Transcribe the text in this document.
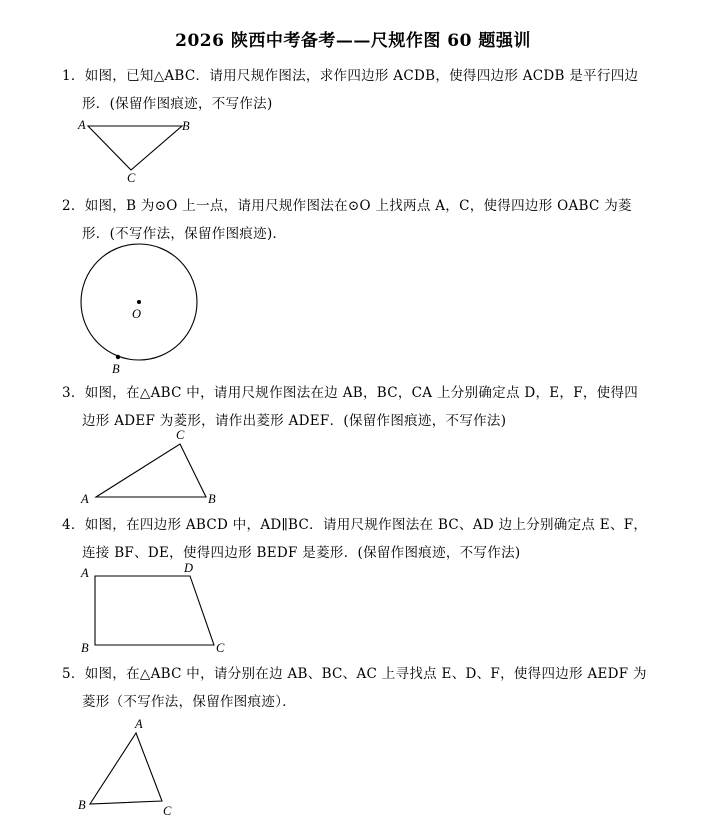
2026 陕西中考备考——尺规作图 60 题强训
1．如图，已知△ABC．请用尺规作图法，求作四边形 ACDB，使得四边形 ACDB 是平行四边
形．(保留作图痕迹，不写作法)
A	B
C
2．如图，B 为⊙O 上一点，请用尺规作图法在⊙O 上找两点 A，C，使得四边形 OABC 为菱
形．(不写作法，保留作图痕迹)．
O
B
3．如图，在△ABC 中，请用尺规作图法在边 AB，BC，CA 上分别确定点 D，E，F，使得四
边形 ADEF 为菱形，请作出菱形 ADEF．(保留作图痕迹，不写作法)
C
A	B
4．如图，在四边形 ABCD 中，AD∥BC．请用尺规作图法在 BC、AD 边上分别确定点 E、F，
连接 BF、DE，使得四边形 BEDF 是菱形．(保留作图痕迹，不写作法)
A	D
B	C
5．如图，在△ABC 中，请分别在边 AB、BC、AC 上寻找点 E、D、F，使得四边形 AEDF 为
菱形（不写作法，保留作图痕迹）．
A
B	C
